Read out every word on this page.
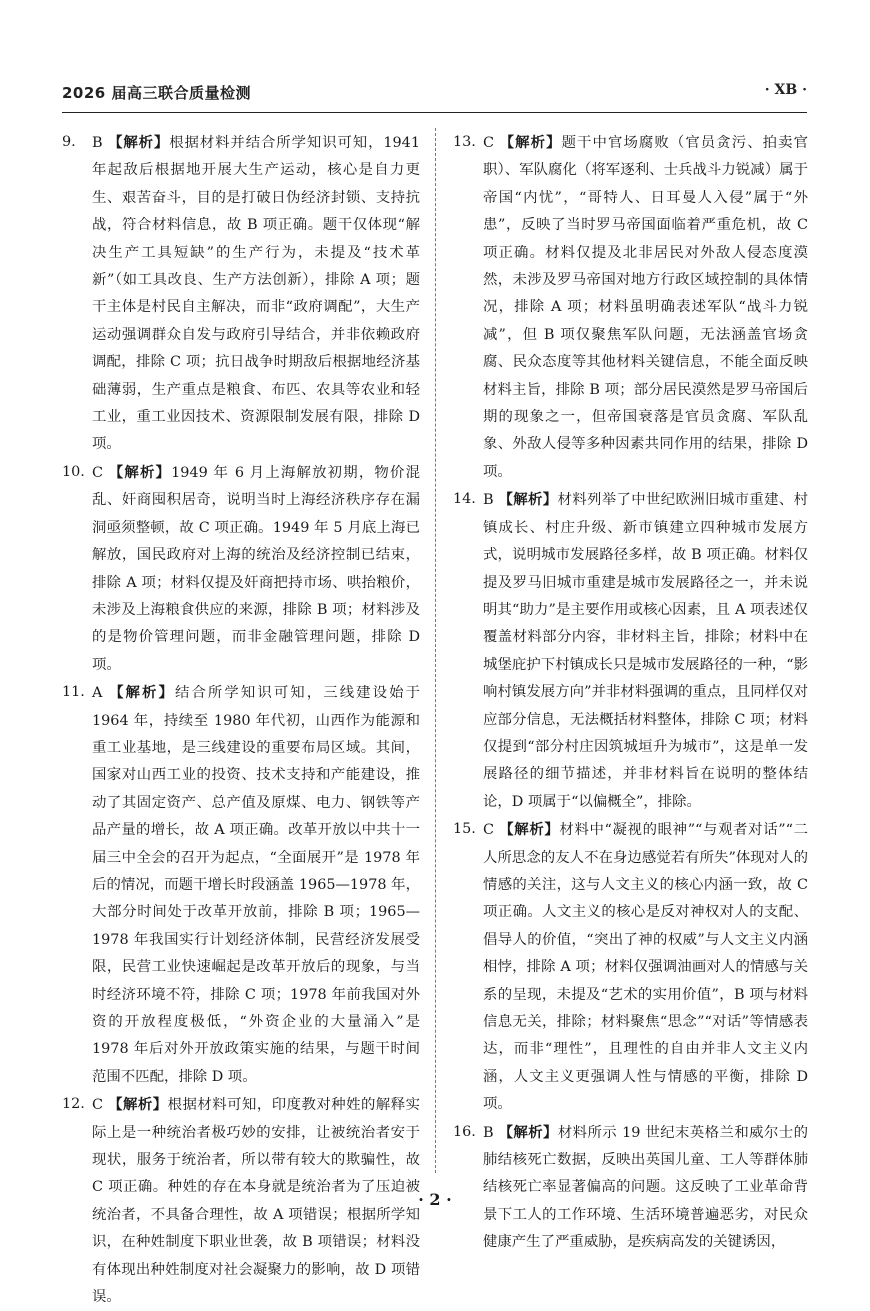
2026 届高三联合质量检测	· XB ·
9.	B 【解析】根据材料并结合所学知识可知，1941 年起敌后根据地开展大生产运动，核心是自力更生、艰苦奋斗，目的是打破日伪经济封锁、支持抗战，符合材料信息，故 B 项正确。题干仅体现“解决生产工具短缺”的生产行为，未提及“技术革新”（如工具改良、生产方法创新），排除 A 项；题干主体是村民自主解决，而非“政府调配”，大生产运动强调群众自发与政府引导结合，并非依赖政府调配，排除 C 项；抗日战争时期敌后根据地经济基础薄弱，生产重点是粮食、布匹、农具等农业和轻工业，重工业因技术、资源限制发展有限，排除 D 项。
10. C 【解析】1949 年 6 月上海解放初期，物价混乱、奸商囤积居奇，说明当时上海经济秩序存在漏洞亟须整顿，故 C 项正确。1949 年 5 月底上海已解放，国民政府对上海的统治及经济控制已结束，排除 A 项；材料仅提及奸商把持市场、哄抬粮价，未涉及上海粮食供应的来源，排除 B 项；材料涉及的是物价管理问题，而非金融管理问题，排除 D 项。
11. A 【解析】结合所学知识可知，三线建设始于 1964 年，持续至 1980 年代初，山西作为能源和重工业基地，是三线建设的重要布局区域。其间，国家对山西工业的投资、技术支持和产能建设，推动了其固定资产、总产值及原煤、电力、钢铁等产品产量的增长，故 A 项正确。改革开放以中共十一届三中全会的召开为起点，“全面展开”是 1978 年后的情况，而题干增长时段涵盖 1965—1978 年，大部分时间处于改革开放前，排除 B 项；1965—1978 年我国实行计划经济体制，民营经济发展受限，民营工业快速崛起是改革开放后的现象，与当时经济环境不符，排除 C 项；1978 年前我国对外资的开放程度极低，“外资企业的大量涌入”是 1978 年后对外开放政策实施的结果，与题干时间范围不匹配，排除 D 项。
12. C 【解析】根据材料可知，印度教对种姓的解释实际上是一种统治者极巧妙的安排，让被统治者安于现状，服务于统治者，所以带有较大的欺骗性，故 C 项正确。种姓的存在本身就是统治者为了压迫被统治者，不具备合理性，故 A 项错误；根据所学知识，在种姓制度下职业世袭，故 B 项错误；材料没有体现出种姓制度对社会凝聚力的影响，故 D 项错误。
13. C 【解析】题干中官场腐败（官员贪污、拍卖官职）、军队腐化（将军逐利、士兵战斗力锐减）属于帝国“内忧”，“哥特人、日耳曼人入侵”属于“外患”，反映了当时罗马帝国面临着严重危机，故 C 项正确。材料仅提及北非居民对外敌人侵态度漠然，未涉及罗马帝国对地方行政区域控制的具体情况，排除 A 项；材料虽明确表述军队“战斗力锐减”，但 B 项仅聚焦军队问题，无法涵盖官场贪腐、民众态度等其他材料关键信息，不能全面反映材料主旨，排除 B 项；部分居民漠然是罗马帝国后期的现象之一，但帝国衰落是官员贪腐、军队乱象、外敌人侵等多种因素共同作用的结果，排除 D 项。
14. B 【解析】材料列举了中世纪欧洲旧城市重建、村镇成长、村庄升级、新市镇建立四种城市发展方式，说明城市发展路径多样，故 B 项正确。材料仅提及罗马旧城市重建是城市发展路径之一，并未说明其“助力”是主要作用或核心因素，且 A 项表述仅覆盖材料部分内容，非材料主旨，排除；材料中在城堡庇护下村镇成长只是城市发展路径的一种，“影响村镇发展方向”并非材料强调的重点，且同样仅对应部分信息，无法概括材料整体，排除 C 项；材料仅提到“部分村庄因筑城垣升为城市”，这是单一发展路径的细节描述，并非材料旨在说明的整体结论，D 项属于“以偏概全”，排除。
15. C 【解析】材料中“凝视的眼神”“与观者对话”“二人所思念的友人不在身边感觉若有所失”体现对人的情感的关注，这与人文主义的核心内涵一致，故 C 项正确。人文主义的核心是反对神权对人的支配、倡导人的价值，“突出了神的权威”与人文主义内涵相悖，排除 A 项；材料仅强调油画对人的情感与关系的呈现，未提及“艺术的实用价值”，B 项与材料信息无关，排除；材料聚焦“思念”“对话”等情感表达，而非“理性”，且理性的自由并非人文主义内涵，人文主义更强调人性与情感的平衡，排除 D 项。
16. B 【解析】材料所示 19 世纪末英格兰和威尔士的肺结核死亡数据，反映出英国儿童、工人等群体肺结核死亡率显著偏高的问题。这反映了工业革命背景下工人的工作环境、生活环境普遍恶劣，对民众健康产生了严重威胁，是疾病高发的关键诱因，
· 2 ·
